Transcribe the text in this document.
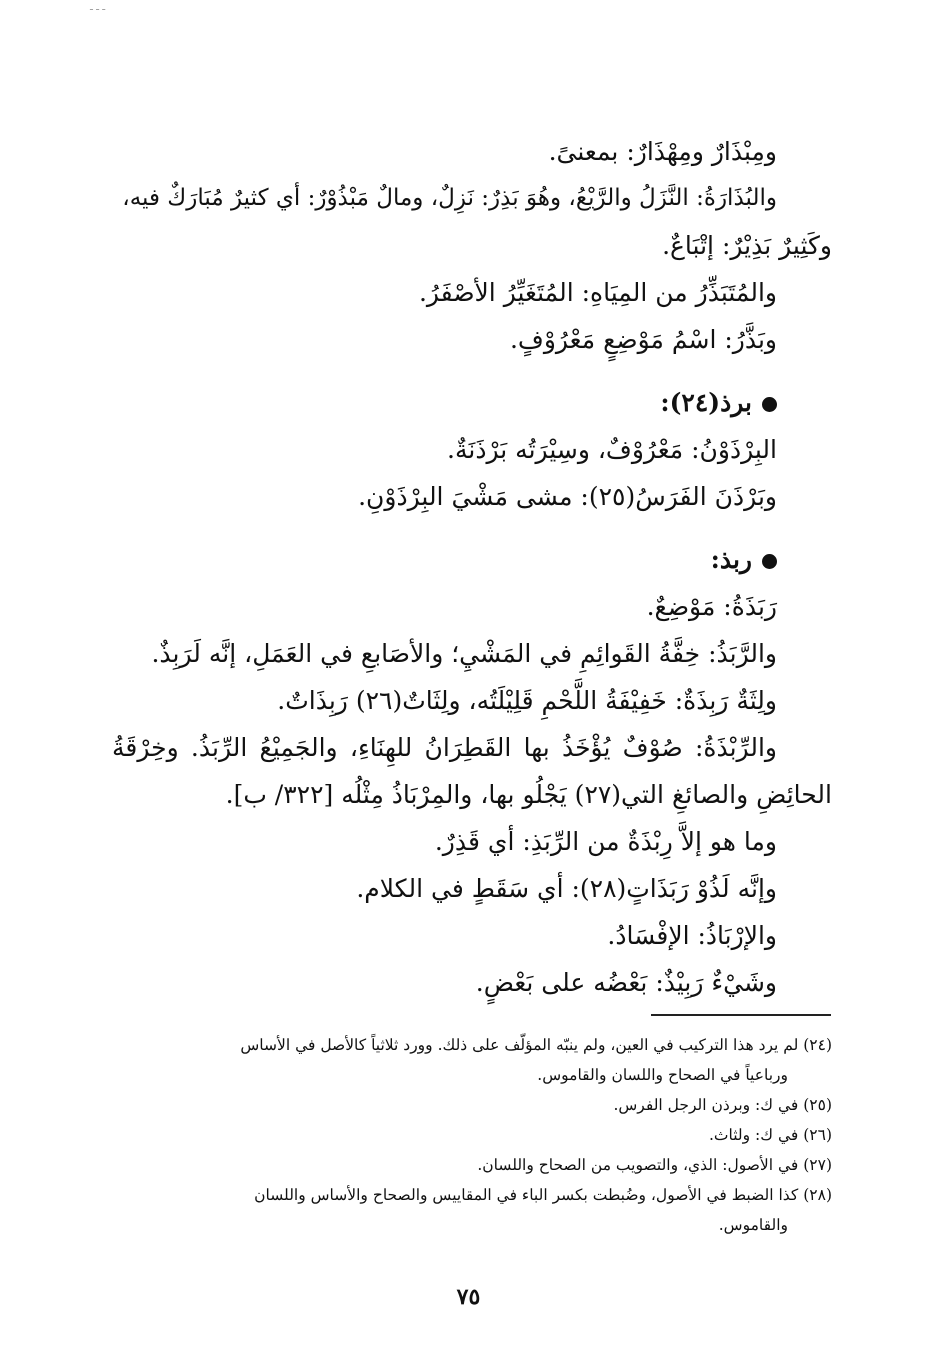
ـ ـ ـ
ومِبْذَارٌ ومِهْذَارٌ: بمعنىً.
والبُذَارَةُ: النَّزَلُ والرَّيْعُ، وهُوَ بَذِرٌ: نَزِلٌ، ومالٌ مَبْذُوْرٌ: أي كثيرٌ مُبَارَكٌ فيه،
وكَثِيرٌ بَذِيْرٌ: إتْبَاعٌ.
والمُتَبَذِّرُ من المِيَاهِ: المُتَغَيِّرُ الأصْفَرُ.
وبَذَّرُ: اسْمُ مَوْضِعٍ مَعْرُوْفٍ.
برذ(٢٤):
البِرْذَوْنُ: مَعْرُوْفٌ، وسِيْرَتُه بَرْذَنَةٌ.
وبَرْذَنَ الفَرَسُ(٢٥): مشى مَشْيَ البِرْذَوْنِ.
ربذ:
رَبَذَةُ: مَوْضِعٌ.
والرَّبَذُ: خِفَّةُ القَوائِمِ في المَشْيِ؛ والأصَابعِ في العَمَلِ، إنَّه لَرَبِذٌ.
ولِثَةٌ رَبِذَةٌ: خَفِيْفَةُ اللَّحْمِ قَلِيْلَتُه، ولِثَاتٌ(٢٦) رَبِذَاتٌ.
والرِّبْذَةُ: صُوْفٌ يُؤْخَذُ بها القَطِرَانُ للهِنَاءِ، والجَمِيْعُ الرِّبَذُ. وخِرْقَةُ
الحائِضِ والصائغِ التي(٢٧) يَجْلُو بها، والمِرْبَاذُ مِثْلُه [٣٢٢/ ب].
وما هو إلاَّ رِبْذَةٌ من الرِّبَذِ: أي قَذِرٌ.
وإنَّه لَذُوْ رَبَذَاتٍ(٢٨): أي سَقَطٍ في الكلام.
والإرْبَاذُ: الإفْسَادُ.
وشَيْءٌ رَبِيْذٌ: بَعْضُه على بَعْضٍ.
(٢٤) لم يرد هذا التركيب في العين، ولم ينبّه المؤلّف على ذلك. وورد ثلاثياً كالأصل في الأساس
ورباعياً في الصحاح واللسان والقاموس.
(٢٥) في ك: وبرذن الرجل الفرس.
(٢٦) في ك: ولثاث.
(٢٧) في الأصول: الذي، والتصويب من الصحاح واللسان.
(٢٨) كذا الضبط في الأصول، وضُبطت بكسر الباء في المقاييس والصحاح والأساس واللسان
والقاموس.
٧٥
